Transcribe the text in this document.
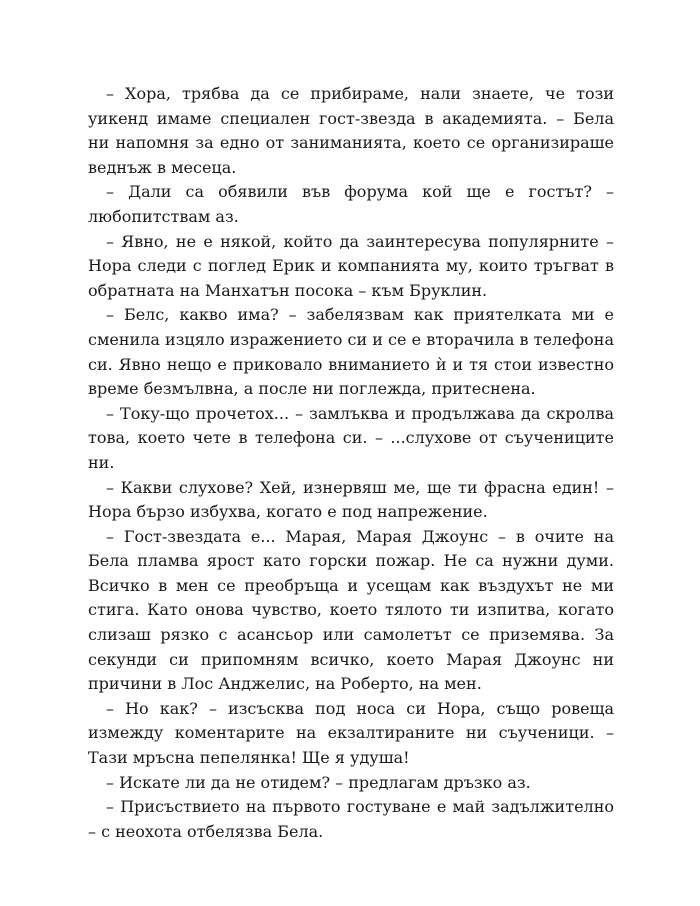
– Хора, трябва да се прибираме, нали знаете, че този уикенд имаме специален гост-звезда в академията. – Бела ни напомня за едно от заниманията, което се организираше веднъж в месеца.

– Дали са обявили във форума кой ще е гостът? – любопитствам аз.

– Явно, не е някой, който да заинтересува популярните – Нора следи с поглед Ерик и компанията му, които тръгват в обратната на Манхатън посока – към Бруклин.

– Белс, какво има? – забелязвам как приятелката ми е сменила изцяло изражението си и се е вторачила в телефона си. Явно нещо е приковало вниманието ѝ и тя стои известно време безмълвна, а после ни поглежда, притеснена.

– Току-що прочетох... – замлъква и продължава да скролва това, което чете в телефона си. – ...слухове от съучениците ни.

– Какви слухове? Хей, изнервяш ме, ще ти фрасна един! – Нора бързо избухва, когато е под напрежение.

– Гост-звездата е... Марая, Марая Джоунс – в очите на Бела пламва ярост като горски пожар. Не са нужни думи. Всичко в мен се преобръща и усещам как въздухът не ми стига. Като онова чувство, което тялото ти изпитва, когато слизаш рязко с асансьор или самолетът се приземява. За секунди си припомням всичко, което Марая Джоунс ни причини в Лос Анджелис, на Роберто, на мен.

– Но как? – изсъсква под носа си Нора, също ровеща измежду коментарите на екзалтираните ни съученици. – Тази мръсна пепелянка! Ще я удуша!

– Искате ли да не отидем? – предлагам дръзко аз.

– Присъствието на първото гостуване е май задължително – с неохота отбелязва Бела.
